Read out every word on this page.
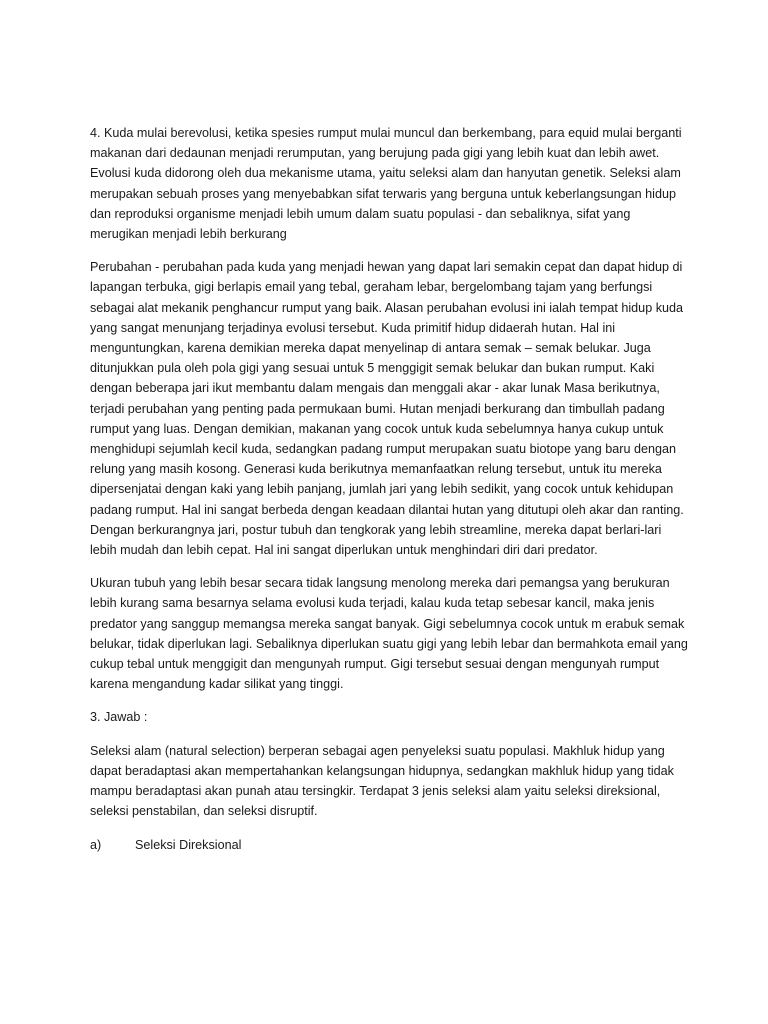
4. Kuda mulai berevolusi, ketika spesies rumput mulai muncul dan berkembang, para equid mulai bergantі makanan dari dedaunan menjadi rerumputan, yang berujung pada gigi yang lebih kuat dan lebih awet. Evolusi kuda didorong oleh dua mekanisme utama, yaitu seleksi alam dan hanyutan genetik. Seleksi alam merupakan sebuah proses yang menyebabkan sifat terwaris yang berguna untuk keberlangsungan hidup dan reproduksi organisme menjadi lebih umum dalam suatu populasi - dan sebaliknya, sifat yang merugikan menjadi lebih berkurang

Perubahan - perubahan pada kuda yang menjadi hewan yang dapat lari semakin cepat dan dapat hidup di lapangan terbuka, gigi berlapis email yang tebal, geraham lebar, bergelombang tajam yang berfungsi sebagai alat mekanik penghancur rumput yang baik. Alasan perubahan evolusi ini ialah tempat hidup kuda yang sangat menunjang terjadinya evolusi tersebut. Kuda primitіf hidup didaerah hutan. Hal ini menguntungkan, karena demikian mereka dapat menyelinap di antara semak – semak belukar. Juga ditunjukkan pula oleh pola gigi yang sesuai untuk 5 menggigit semak belukar dan bukan rumput. Kaki dengan beberapa jari ikut membantu dalam mengais dan menggali akar - akar lunak Masa berikutnya, terjadi perubahan yang pentіng pada permukaan bumi. Hutan menjadi berkurang dan tіmbullah padang rumput yang luas. Dengan demikian, makanan yang cocok untuk kuda sebelumnya hanya cukup untuk menghidupi sejumlah kecil kuda, sedangkan padang rumput merupakan suatu biotope yang baru dengan relung yang masih kosong. Generasi kuda berikutnya memanfaatkan relung tersebut, untuk itu mereka dipersenjatai dengan kaki yang lebih panjang, jumlah jari yang lebih sedikit, yang cocok untuk kehidupan padang rumput. Hal ini sangat berbeda dengan keadaan dilantai hutan yang ditutupi oleh akar dan rantіng. Dengan berkurangnya jari, postur tubuh dan tengkorak yang lebih streamline, mereka dapat berlari-lari lebih mudah dan lebih cepat. Hal ini sangat diperlukan untuk menghindari diri dari predator.

Ukuran tubuh yang lebih besar secara tіdak langsung menolong mereka dari pemangsa yang berukuran lebih kurang sama besarnya selama evolusi kuda terjadi, kalau kuda tetap sebesar kancil, maka jenis predator yang sanggup memangsa mereka sangat banyak. Gigi sebelumnya cocok untuk m erabuk semak belukar, tіdak diperlukan lagi. Sebaliknya diperlukan suatu gigi yang lebih lebar dan bermahkota email yang cukup tebal untuk menggigit dan mengunyah rumput. Gigi tersebut sesuai dengan mengunyah rumput karena mengandung kadar silikat yang tіnggi.

3. Jawab :

Seleksi alam (natural selectіon) berperan sebagai agen penyeleksi suatu populasi. Makhluk hidup yang dapat beradaptasi akan mempertahankan kelangsungan hidupnya, sedangkan makhluk hidup yang tіdak mampu beradaptasi akan punah atau tersingkir. Terdapat 3 jenis seleksi alam yaitu seleksi direksional, seleksi penstabilan, dan seleksi disruptіf.

a)	Seleksi Direksional
